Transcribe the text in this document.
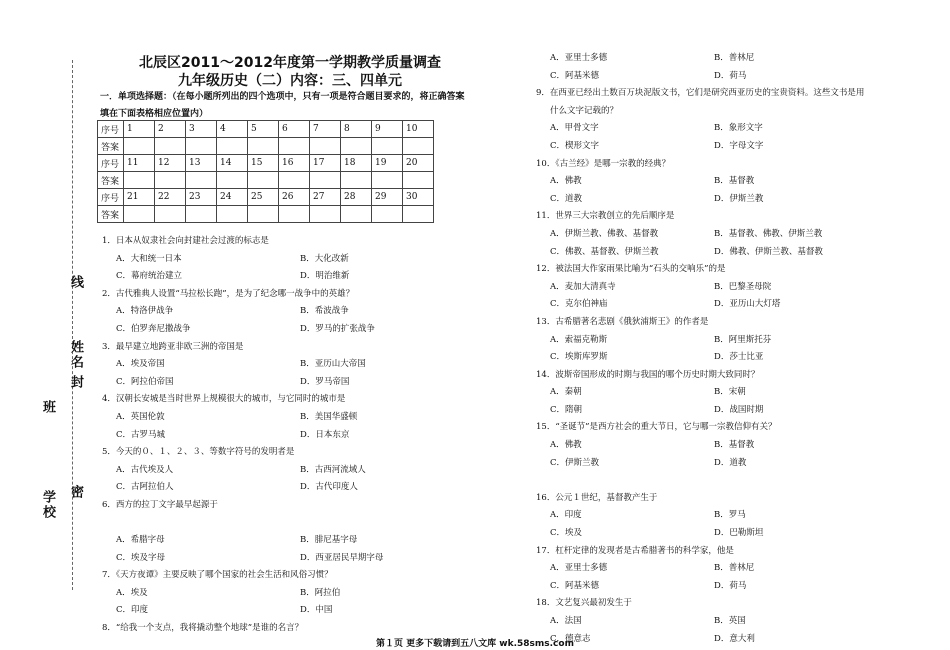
学校
班
姓名
密
封
线
北辰区2011～2012年度第一学期教学质量调查
九年级历史（二）内容：三、四单元
一．单项选择题：（在每小题所列出的四个选项中，只有一项是符合题目要求的，将正确答案填在下面表格相应位置内）
序号	1	2	3	4	5	6	7	8	9	10
答案										
序号	11	12	13	14	15	16	17	18	19	20
答案										
序号	21	22	23	24	25	26	27	28	29	30
答案										
1．日本从奴隶社会向封建社会过渡的标志是
A．大和统一日本	B．大化改新
C．幕府统治建立	D．明治维新
2．古代雅典人设置“马拉松长跑”，是为了纪念哪一战争中的英雄？
A．特洛伊战争	B．希波战争
C．伯罗奔尼撒战争	D．罗马的扩张战争
3．最早建立地跨亚非欧三洲的帝国是
A．埃及帝国	B．亚历山大帝国
C．阿拉伯帝国	D．罗马帝国
4．汉朝长安城是当时世界上规模很大的城市，与它同时的城市是
A．英国伦敦	B．美国华盛顿
C．古罗马城	D．日本东京
5．今天的０、１、２、３、等数字符号的发明者是
A．古代埃及人	B．古西河流域人
C．古阿拉伯人	D．古代印度人
6．西方的拉丁文字最早起源于
A．希腊字母	B．腓尼基字母
C．埃及字母	D．西亚居民早期字母
7．《天方夜谭》主要反映了哪个国家的社会生活和风俗习惯？
A．埃及	B．阿拉伯
C．印度	D．中国
8．“给我一个支点，我将撬动整个地球”是谁的名言？
A．亚里士多德	B．普林尼
C．阿基米德	D．荷马
9．在西亚已经出土数百万块泥版文书，它们是研究西亚历史的宝贵资料。这些文书是用
什么文字记载的？
A．甲骨文字	B．象形文字
C．楔形文字	D．字母文字
10．《古兰经》是哪一宗教的经典？
A．佛教	B．基督教
C．道教	D．伊斯兰教
11．世界三大宗教创立的先后顺序是
A．伊斯兰教、佛教、基督教	B．基督教、佛教、伊斯兰教
C．佛教、基督教、伊斯兰教	D．佛教、伊斯兰教、基督教
12．被法国大作家雨果比喻为“石头的交响乐”的是
A．麦加大清真寺	B．巴黎圣母院
C．克尔伯神庙	D．亚历山大灯塔
13．古希腊著名悲剧《俄狄浦斯王》的作者是
A．索福克勒斯	B．阿里斯托芬
C．埃斯库罗斯	D．莎士比亚
14．波斯帝国形成的时期与我国的哪个历史时期大致同时？
A．秦朝	B．宋朝
C．隋朝	D．战国时期
15．“圣诞节”是西方社会的重大节日，它与哪一宗教信仰有关？
A．佛教	B．基督教
C．伊斯兰教	D．道教
16．公元１世纪，基督教产生于
A．印度	B．罗马
C．埃及	D．巴勒斯坦
17．杠杆定律的发现者是古希腊著书的科学家，他是
A．亚里士多德	B．普林尼
C．阿基米德	D．荷马
18．文艺复兴最初发生于
A．法国	B．英国
C．德意志	D．意大利
第１页 更多下载请到五八文库 wk.58sms.com
